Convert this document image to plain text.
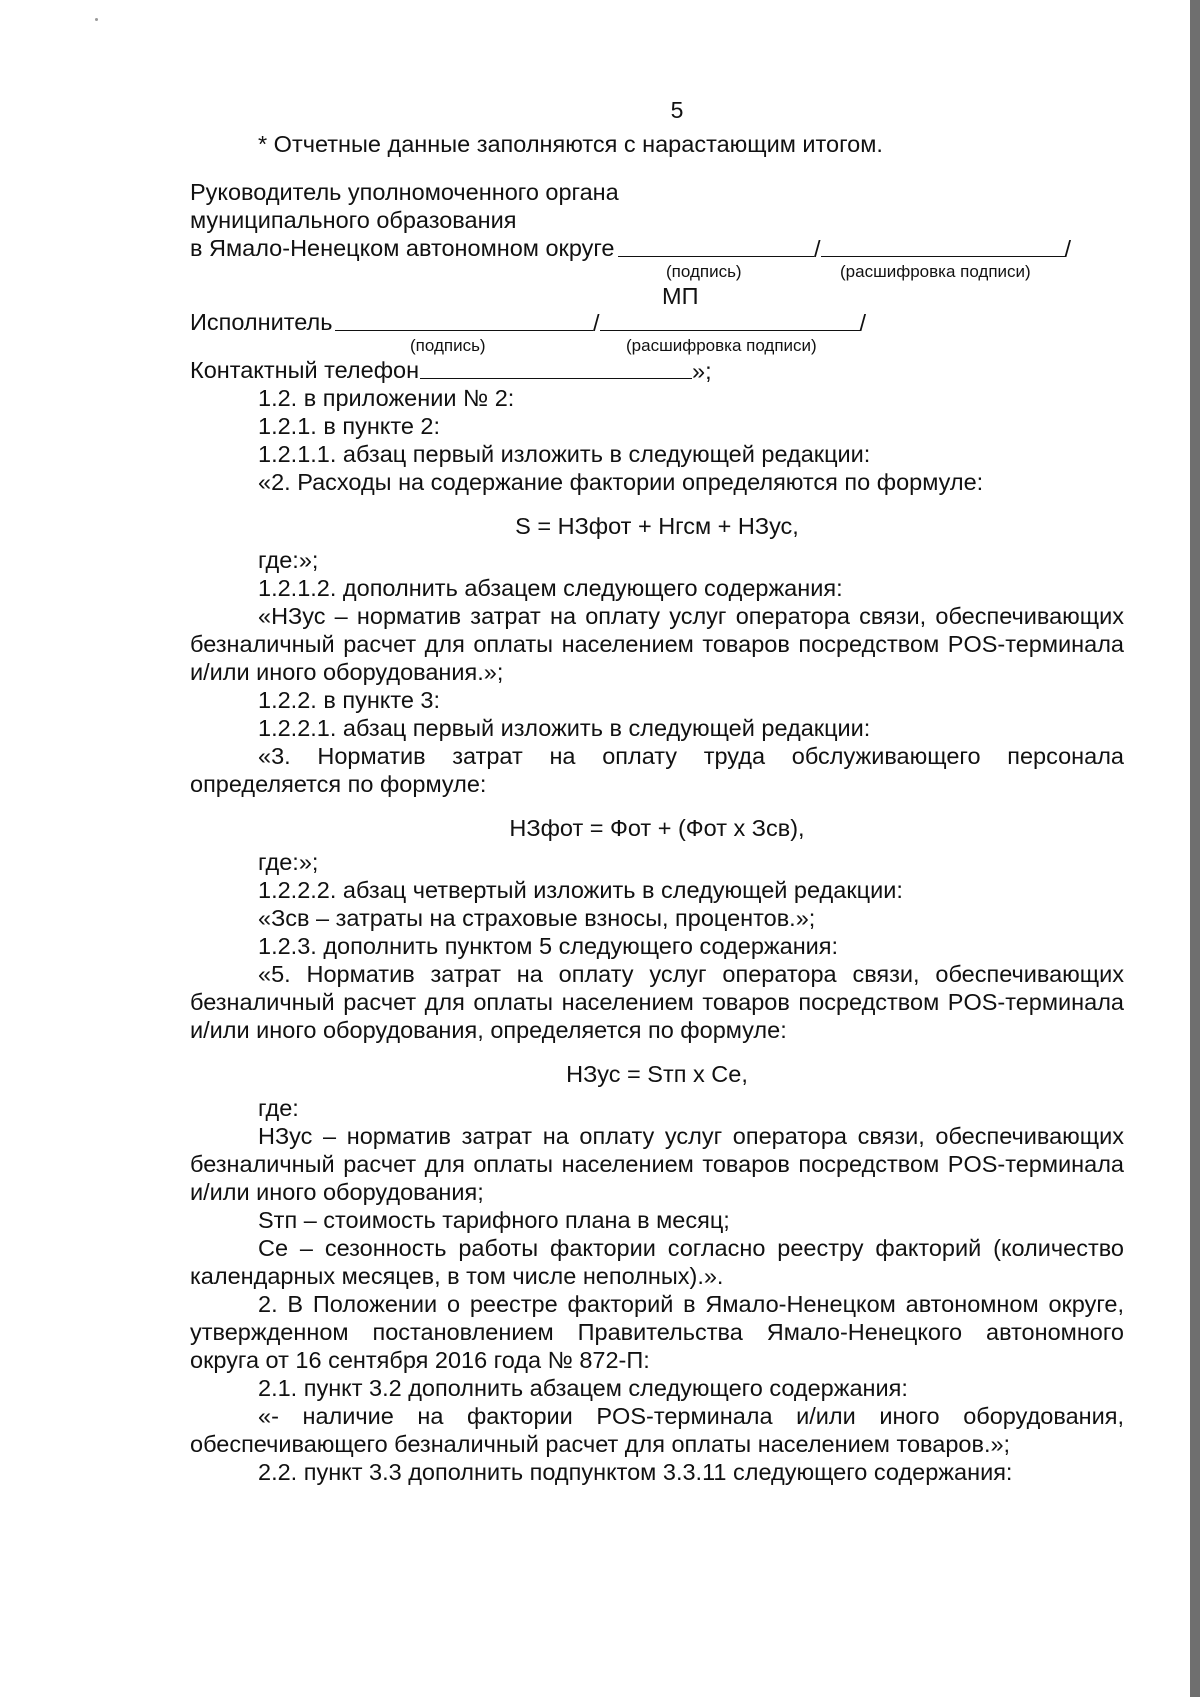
5
* Отчетные данные заполняются с нарастающим итогом.
Руководитель уполномоченного органа
муниципального образования
в Ямало-Ненецком автономном округе	/	/
(подпись)	(расшифровка подписи)
МП
Исполнитель	/	/
(подпись)	(расшифровка подписи)
Контактный телефон	»;
1.2. в приложении № 2:
1.2.1. в пункте 2:
1.2.1.1. абзац первый изложить в следующей редакции:
«2. Расходы на содержание фактории определяются по формуле:
S = НЗфот + Нгсм + НЗус,
где:»;
1.2.1.2. дополнить абзацем следующего содержания:
«НЗус – норматив затрат на оплату услуг оператора связи, обеспечивающих безналичный расчет для оплаты населением товаров посредством POS-терминала и/или иного оборудования.»;
1.2.2. в пункте 3:
1.2.2.1. абзац первый изложить в следующей редакции:
«3. Норматив затрат на оплату труда обслуживающего персонала определяется по формуле:
НЗфот = Фот + (Фот х Зсв),
где:»;
1.2.2.2. абзац четвертый изложить в следующей редакции:
«Зсв – затраты на страховые взносы, процентов.»;
1.2.3. дополнить пунктом 5 следующего содержания:
«5. Норматив затрат на оплату услуг оператора связи, обеспечивающих безналичный расчет для оплаты населением товаров посредством POS-терминала и/или иного оборудования, определяется по формуле:
НЗус = Sтп х Се,
где:
НЗус – норматив затрат на оплату услуг оператора связи, обеспечивающих безналичный расчет для оплаты населением товаров посредством POS-терминала и/или иного оборудования;
Sтп – стоимость тарифного плана в месяц;
Се – сезонность работы фактории согласно реестру факторий (количество календарных месяцев, в том числе неполных).».
2. В Положении о реестре факторий в Ямало-Ненецком автономном округе, утвержденном постановлением Правительства Ямало-Ненецкого автономного округа от 16 сентября 2016 года № 872-П:
2.1. пункт 3.2 дополнить абзацем следующего содержания:
«- наличие на фактории POS-терминала и/или иного оборудования, обеспечивающего безналичный расчет для оплаты населением товаров.»;
2.2. пункт 3.3 дополнить подпунктом 3.3.11 следующего содержания:
